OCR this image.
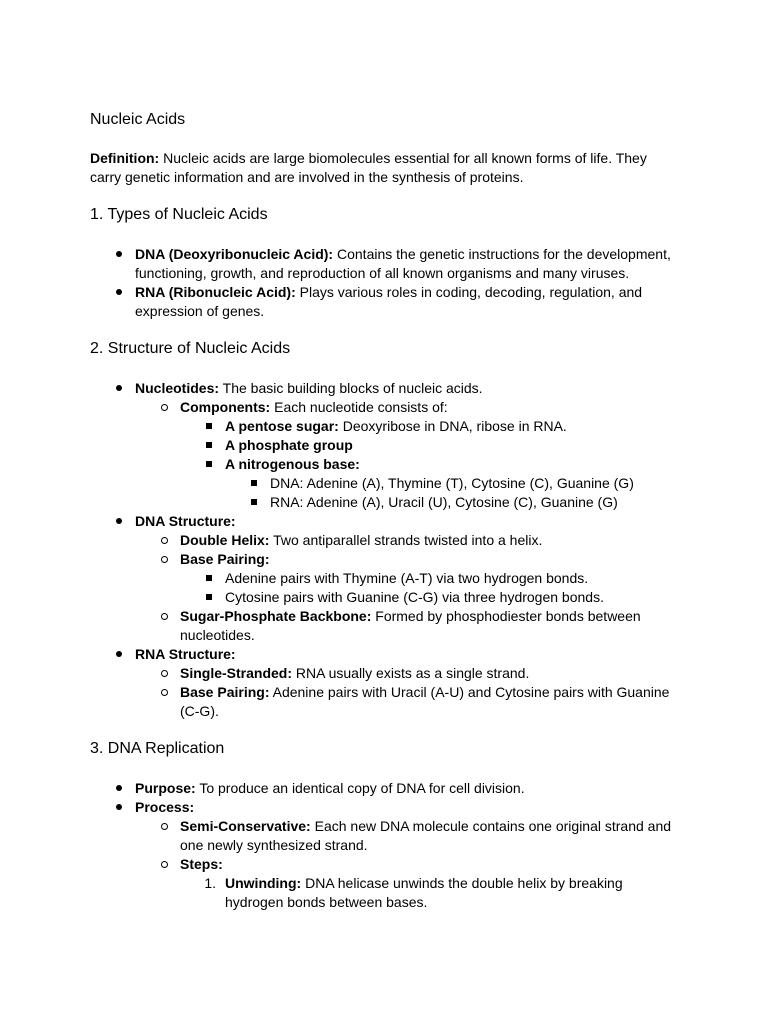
Nucleic Acids

Definition: Nucleic acids are large biomolecules essential for all known forms of life. They carry genetic information and are involved in the synthesis of proteins.

1. Types of Nucleic Acids
DNA (Deoxyribonucleic Acid): Contains the genetic instructions for the development, functioning, growth, and reproduction of all known organisms and many viruses.
RNA (Ribonucleic Acid): Plays various roles in coding, decoding, regulation, and expression of genes.
2. Structure of Nucleic Acids
Nucleotides: The basic building blocks of nucleic acids.
Components: Each nucleotide consists of:
A pentose sugar: Deoxyribose in DNA, ribose in RNA.
A phosphate group
A nitrogenous base:
DNA: Adenine (A), Thymine (T), Cytosine (C), Guanine (G)
RNA: Adenine (A), Uracil (U), Cytosine (C), Guanine (G)
DNA Structure:
Double Helix: Two antiparallel strands twisted into a helix.
Base Pairing:
Adenine pairs with Thymine (A-T) via two hydrogen bonds.
Cytosine pairs with Guanine (C-G) via three hydrogen bonds.
Sugar-Phosphate Backbone: Formed by phosphodiester bonds between nucleotides.
RNA Structure:
Single-Stranded: RNA usually exists as a single strand.
Base Pairing: Adenine pairs with Uracil (A-U) and Cytosine pairs with Guanine (C-G).
3. DNA Replication
Purpose: To produce an identical copy of DNA for cell division.
Process:
Semi-Conservative: Each new DNA molecule contains one original strand and one newly synthesized strand.
Steps:
1. Unwinding: DNA helicase unwinds the double helix by breaking hydrogen bonds between bases.
